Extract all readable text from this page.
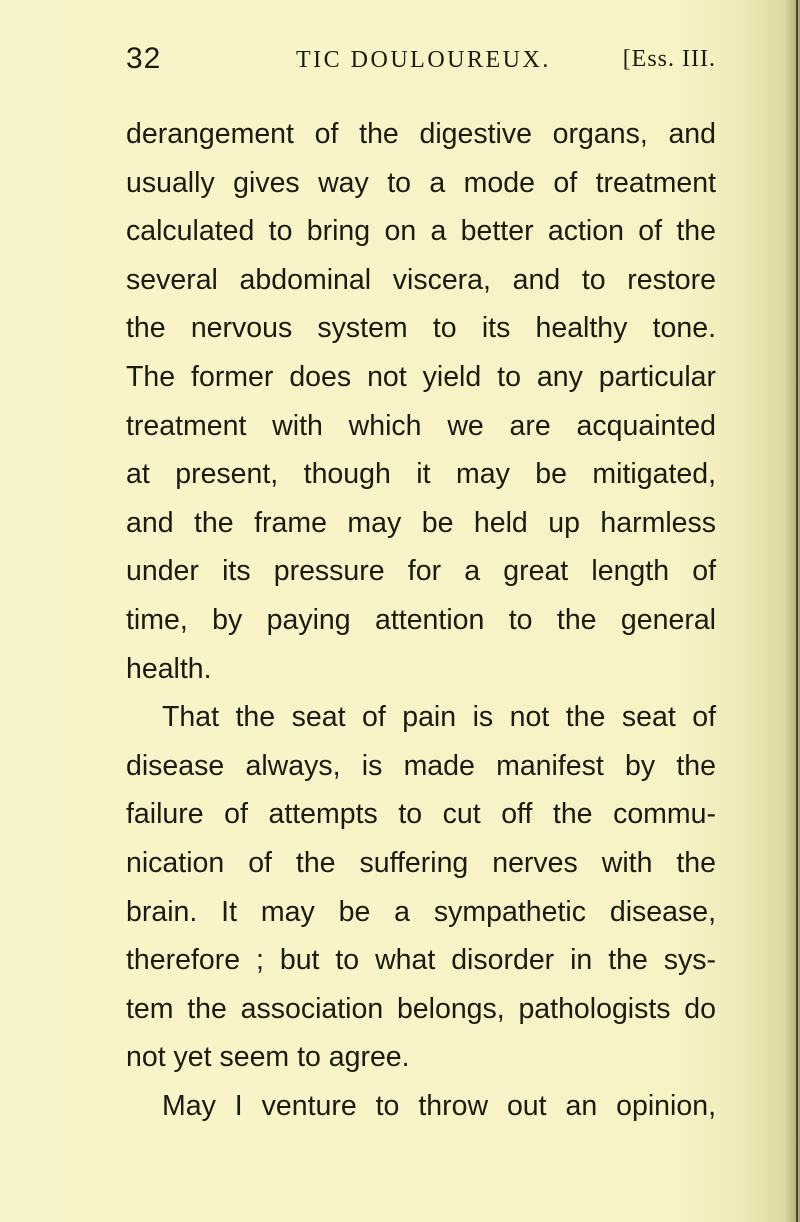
32	TIC DOULOUREUX.	[Ess. III.
derangement of the digestive organs, and
usually gives way to a mode of treatment
calculated to bring on a better action of the
several abdominal viscera, and to restore
the nervous system to its healthy tone.
The former does not yield to any particular
treatment with which we are acquainted
at present, though it may be mitigated,
and the frame may be held up harmless
under its pressure for a great length of
time, by paying attention to the general
health.
That the seat of pain is not the seat of
disease always, is made manifest by the
failure of attempts to cut off the commu-
nication of the suffering nerves with the
brain. It may be a sympathetic disease,
therefore ; but to what disorder in the sys-
tem the association belongs, pathologists do
not yet seem to agree.
May I venture to throw out an opinion,
